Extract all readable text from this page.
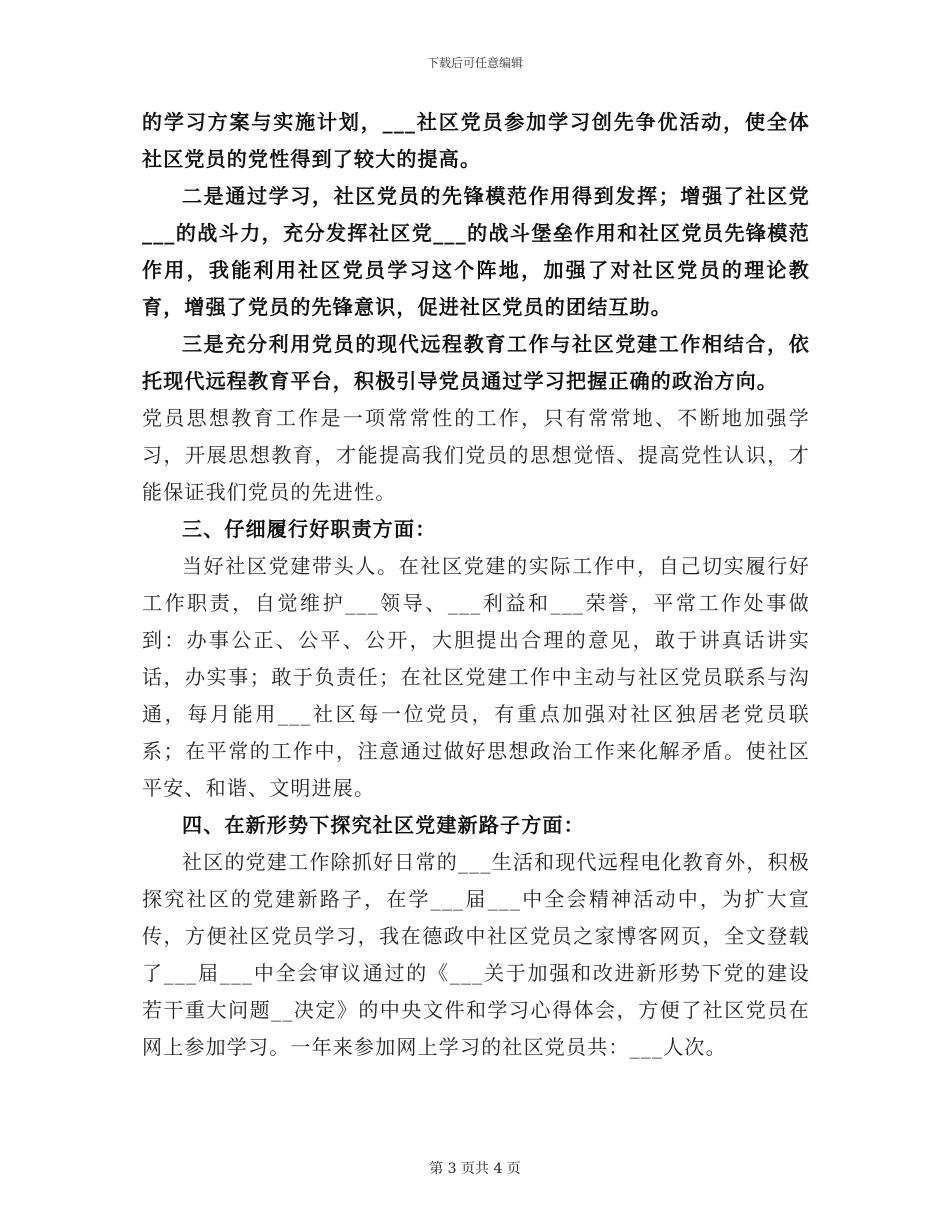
下载后可任意编辑

的学习方案与实施计划，___社区党员参加学习创先争优活动，使全体社区党员的党性得到了较大的提高。

二是通过学习，社区党员的先锋模范作用得到发挥；增强了社区党___的战斗力，充分发挥社区党___的战斗堡垒作用和社区党员先锋模范作用，我能利用社区党员学习这个阵地，加强了对社区党员的理论教育，增强了党员的先锋意识，促进社区党员的团结互助。

三是充分利用党员的现代远程教育工作与社区党建工作相结合，依托现代远程教育平台，积极引导党员通过学习把握正确的政治方向。

党员思想教育工作是一项常常性的工作，只有常常地、不断地加强学习，开展思想教育，才能提高我们党员的思想觉悟、提高党性认识，才能保证我们党员的先进性。

三、仔细履行好职责方面：

当好社区党建带头人。在社区党建的实际工作中，自己切实履行好工作职责，自觉维护___领导、___利益和___荣誉，平常工作处事做到：办事公正、公平、公开，大胆提出合理的意见，敢于讲真话讲实话，办实事；敢于负责任；在社区党建工作中主动与社区党员联系与沟通，每月能用___社区每一位党员，有重点加强对社区独居老党员联系；在平常的工作中，注意通过做好思想政治工作来化解矛盾。使社区平安、和谐、文明进展。

四、在新形势下探究社区党建新路子方面：

社区的党建工作除抓好日常的___生活和现代远程电化教育外，积极探究社区的党建新路子，在学___届___中全会精神活动中，为扩大宣传，方便社区党员学习，我在德政中社区党员之家博客网页，全文登载了___届___中全会审议通过的《___关于加强和改进新形势下党的建设若干重大问题__决定》的中央文件和学习心得体会，方便了社区党员在网上参加学习。一年来参加网上学习的社区党员共：___人次。

第 3 页共 4 页
